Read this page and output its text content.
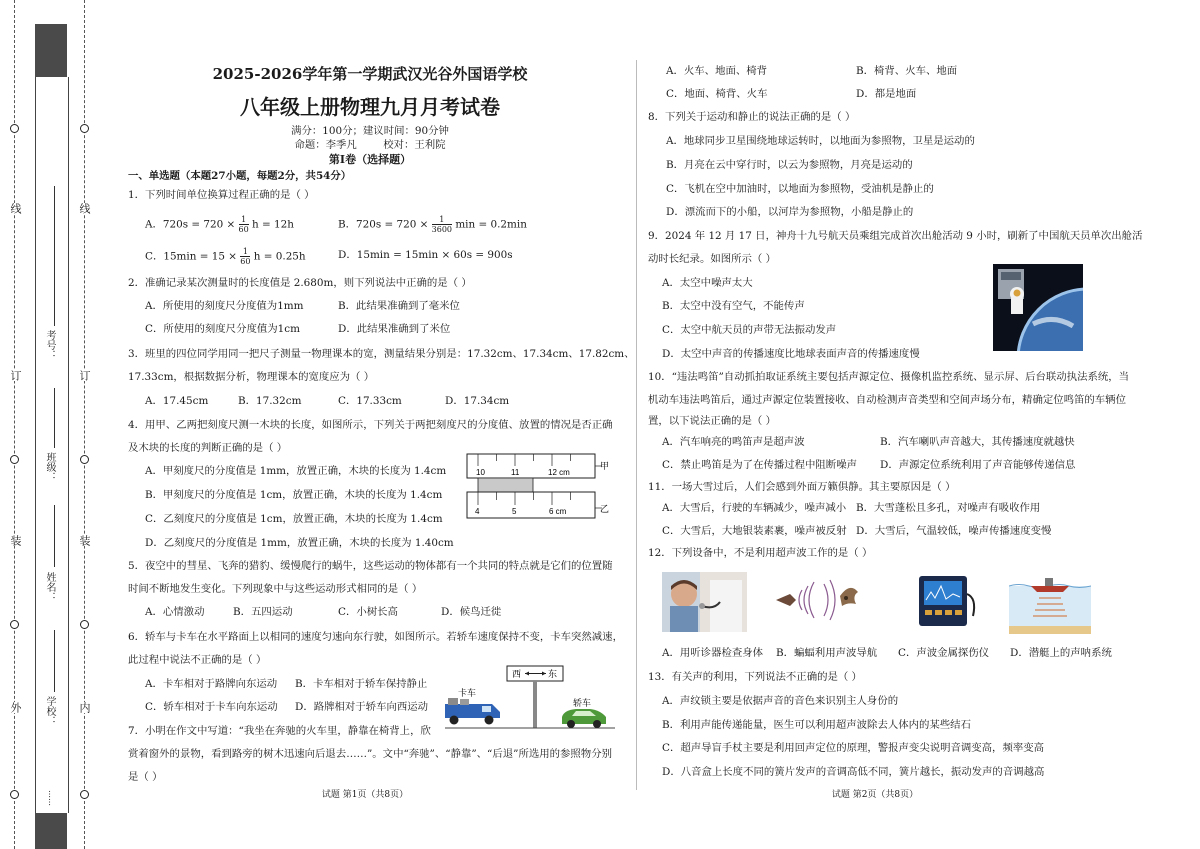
外
装
订
线
内
装
订
线
学校：
姓名：
班级：
考号：
……
2025-2026学年第一学期武汉光谷外国语学校
八年级上册物理九月月考试卷
满分：100分；建议时间：90分钟
命题：李季凡        校对：王利院
第Ⅰ卷（选择题）
一、单选题（本题27小题，每题2分，共54分）
1．下列时间单位换算过程正确的是（ ）
A．$720s = 720 \times \frac{1}{60}$ h = 12h	B．$720s = 720 \times \frac{1}{3600}$ min = 0.2min
C．$15\min = 15 \times \frac{1}{60}$ h = 0.25h	D．15min = 15min × 60s = 900s
2．准确记录某次测量时的长度值是 2.680m，则下列说法中正确的是（ ）
A．所使用的刻度尺分度值为1mm	B．此结果准确到了毫米位
C．所使用的刻度尺分度值为1cm	D．此结果准确到了米位
3．班里的四位同学用同一把尺子测量一物理课本的宽，测量结果分别是：17.32cm、17.34cm、17.82cm、
17.33cm，根据数据分析，物理课本的宽度应为（ ）
A．17.45cm	B．17.32cm	C．17.33cm	D．17.34cm
4．用甲、乙两把刻度尺测一木块的长度，如图所示，下列关于两把刻度尺的分度值、放置的情况是否正确
及木块的长度的判断正确的是（ ）
A．甲刻度尺的分度值是 1mm，放置正确，木块的长度为 1.4cm
B．甲刻度尺的分度值是 1cm，放置正确，木块的长度为 1.4cm
C．乙刻度尺的分度值是 1cm，放置正确，木块的长度为 1.4cm
D．乙刻度尺的分度值是 1mm，放置正确，木块的长度为 1.40cm
10	11	12 cm
甲
4	5	6 cm	乙
5．夜空中的彗星、飞奔的猎豹、缓慢爬行的蜗牛，这些运动的物体都有一个共同的特点就是它们的位置随
时间不断地发生变化。下列现象中与这些运动形式相同的是（ ）
A．心情激动	B．五四运动	C．小树长高	D．候鸟迁徙
6．轿车与卡车在水平路面上以相同的速度匀速向东行驶，如图所示。若轿车速度保持不变，卡车突然减速，
此过程中说法不正确的是（ ）
A．卡车相对于路牌向东运动 B．卡车相对于轿车保持静止
C．轿车相对于卡车向东运动 D．路牌相对于轿车向西运动
西	东
卡车
轿车
7．小明在作文中写道：“我坐在奔驰的火车里，静靠在椅背上，欣
赏着窗外的景物，看到路旁的树木迅速向后退去……”。文中“奔驰”、“静靠”、“后退”所选用的参照物分别
是（ ）
试题 第1页（共8页）
A．火车、地面、椅背	B．椅背、火车、地面
C．地面、椅背、火车	D．都是地面
8．下列关于运动和静止的说法正确的是（ ）
A．地球同步卫星围绕地球运转时，以地面为参照物，卫星是运动的
B．月亮在云中穿行时，以云为参照物，月亮是运动的
C．飞机在空中加油时，以地面为参照物，受油机是静止的
D．漂流而下的小船，以河岸为参照物，小船是静止的
9．2024 年 12 月 17 日，神舟十九号航天员乘组完成首次出舱活动 9 小时，刷新了中国航天员单次出舱活
动时长纪录。如图所示（ ）
A．太空中噪声太大
B．太空中没有空气，不能传声
C．太空中航天员的声带无法振动发声
D．太空中声音的传播速度比地球表面声音的传播速度慢
10．“违法鸣笛”自动抓拍取证系统主要包括声源定位、摄像机监控系统、显示屏、后台联动执法系统，当
机动车违法鸣笛后，通过声源定位装置接收、自动检测声音类型和空间声场分布，精确定位鸣笛的车辆位
置，以下说法正确的是（ ）
A．汽车响亮的鸣笛声是超声波	B．汽车喇叭声音越大，其传播速度就越快
C．禁止鸣笛是为了在传播过程中阻断噪声 D．声源定位系统利用了声音能够传递信息
11．一场大雪过后，人们会感到外面万籁俱静。其主要原因是（ ）
A．大雪后，行驶的车辆减少，噪声减小 B．大雪蓬松且多孔，对噪声有吸收作用
C．大雪后，大地银装素裹，噪声被反射 D．大雪后，气温较低，噪声传播速度变慢
12．下列设备中，不是利用超声波工作的是（ ）
A．用听诊器检查身体 B．蝙蝠利用声波导航 C．声波金属探伤仪 D．潜艇上的声呐系统
13．有关声的利用，下列说法不正确的是（ ）
A．声纹锁主要是依据声音的音色来识别主人身份的
B．利用声能传递能量，医生可以利用超声波除去人体内的某些结石
C．超声导盲手杖主要是利用回声定位的原理，警报声变尖说明音调变高，频率变高
D．八音盒上长度不同的簧片发声的音调高低不同，簧片越长，振动发声的音调越高
试题 第2页（共8页）
